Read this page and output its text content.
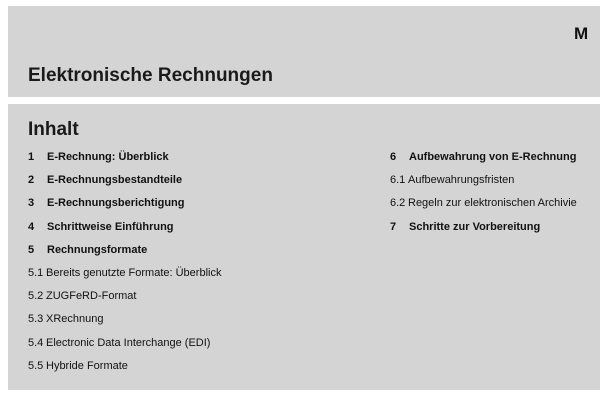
M
Elektronische Rechnungen
Inhalt
1	E-Rechnung: Überblick
2	E-Rechnungsbestandteile
3	E-Rechnungsberichtigung
4	Schrittweise Einführung
5	Rechnungsformate
5.1 Bereits genutzte Formate: Überblick
5.2 ZUGFeRD-Format
5.3 XRechnung
5.4 Electronic Data Interchange (EDI)
5.5 Hybride Formate
6	Aufbewahrung von E-Rechnung
6.1 Aufbewahrungsfristen
6.2 Regeln zur elektronischen Archivie
7	Schritte zur Vorbereitung
